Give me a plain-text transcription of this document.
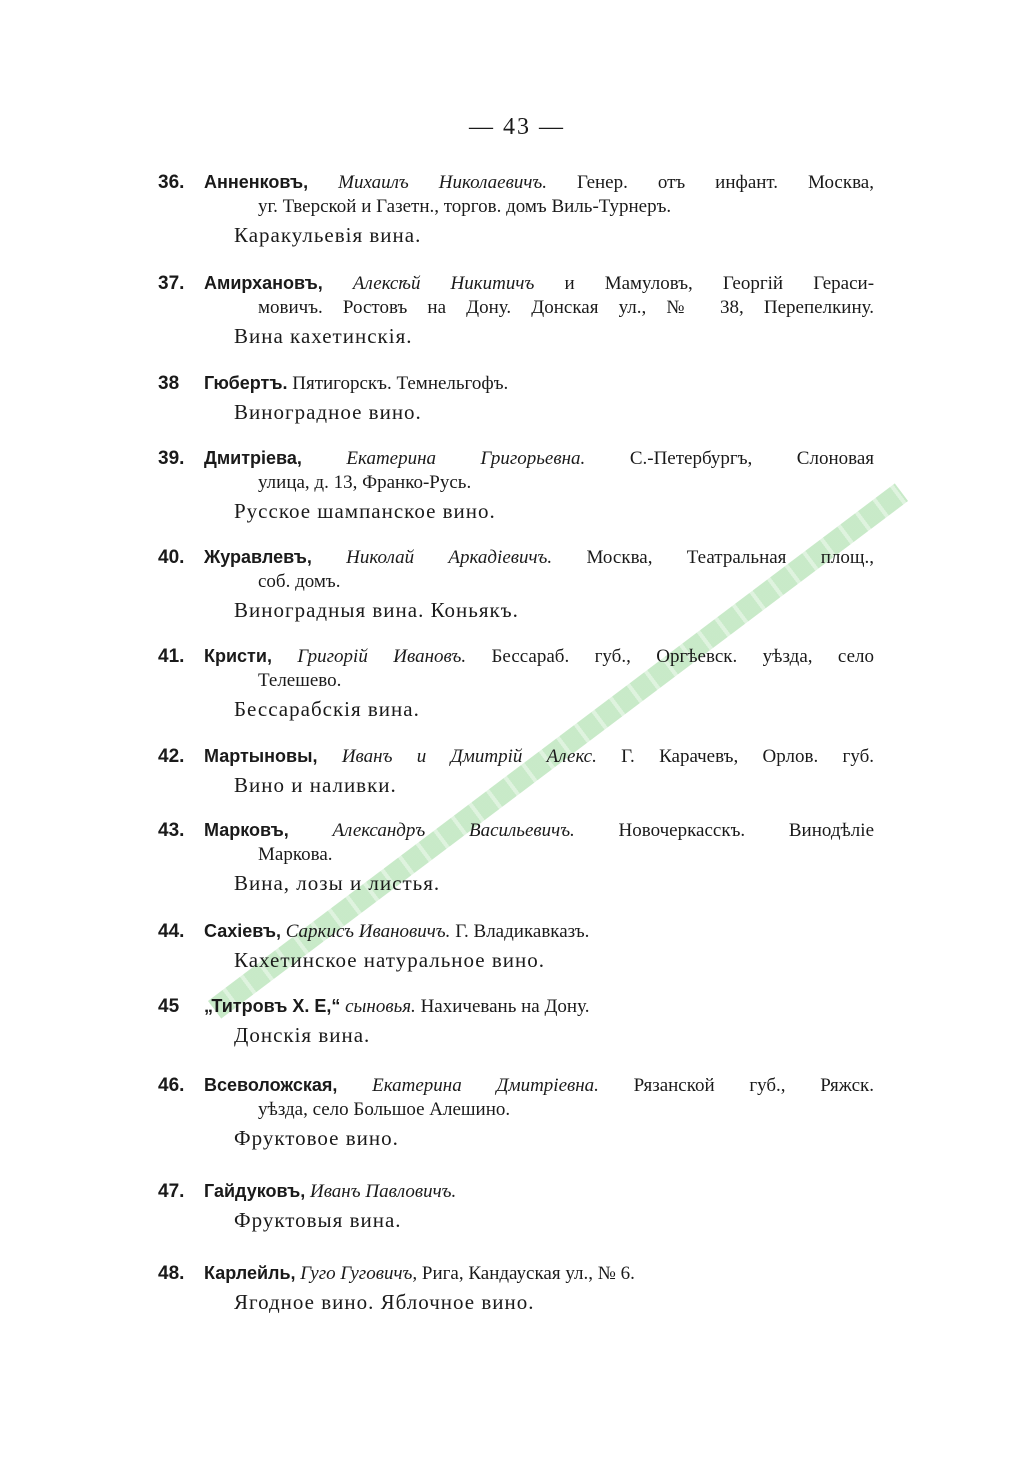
— 43 —
36. Анненковъ, Михаилъ Николаевичъ. Генер. отъ инфант. Москва,
уг. Тверской и Газетн., торгов. домъ Виль-Турнеръ.
Каракульевія вина.
37. Амирхановъ, Алексѣй Никитичъ и Мамуловъ, Георгій Гераси-
мовичъ. Ростовъ на Дону. Донская ул., № 38, Перепелкину.
Вина кахетинскія.
38 Гюбертъ. Пятигорскъ. Темнельгофъ.
Виноградное вино.
39. Дмитріева, Екатерина Григорьевна. С.-Петербургъ, Слоновая
улица, д. 13, Франко-Русь.
Русское шампанское вино.
40. Журавлевъ, Николай Аркадіевичъ. Москва, Театральная площ.,
соб. домъ.
Виноградныя вина. Коньякъ.
41. Кристи, Григорій Ивановъ. Бессараб. губ., Оргѣевск. уѣзда, село
Телешево.
Бессарабскія вина.
42. Мартыновы, Иванъ и Дмитрій Алекс. Г. Карачевъ, Орлов. губ.
Вино и наливки.
43. Марковъ, Александръ Васильевичъ. Новочеркасскъ. Винодѣліе
Маркова.
Вина, лозы и листья.
44. Сахіевъ, Саркисъ Ивановичъ. Г. Владикавказъ.
Кахетинское натуральное вино.
45 „Титровъ Х. Е,“ сыновья. Нахичевань на Дону.
Донскія вина.
46. Всеволожская, Екатерина Дмитріевна. Рязанской губ., Ряжск.
уѣзда, село Большое Алешино.
Фруктовое вино.
47. Гайдуковъ, Иванъ Павловичъ.
Фруктовыя вина.
48. Карлейль, Гуго Гуговичъ, Рига, Кандауская ул., № 6.
Ягодное вино. Яблочное вино.
